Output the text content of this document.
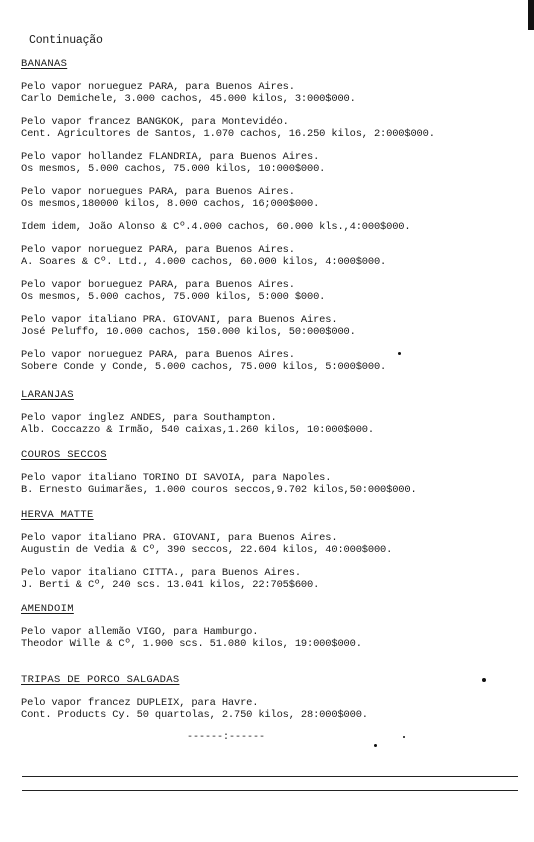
Continuação
BANANAS
Pelo vapor norueguez PARA, para Buenos Aires.
Carlo Demichele, 3.000 cachos, 45.000 kilos, 3:000$000.
Pelo vapor francez BANGKOK, para Montevidéo.
Cent. Agricultores de Santos, 1.070 cachos, 16.250 kilos, 2:000$000.
Pelo vapor hollandez FLANDRIA, para Buenos Aires.
Os mesmos, 5.000 cachos, 75.000 kilos, 10:000$000.
Pelo vapor noruegues PARA, para Buenos Aires.
Os mesmos,180000 kilos, 8.000 cachos, 16;000$000.
Idem idem, João Alonso & Cº.4.000 cachos, 60.000 kls.,4:000$000.
Pelo vapor norueguez PARA, para Buenos Aires.
A. Soares & Cº. Ltd., 4.000 cachos, 60.000 kilos, 4:000$000.
Pelo vapor borueguez PARA, para Buenos Aires.
Os mesmos, 5.000 cachos, 75.000 kilos, 5:000 $000.
Pelo vapor italiano PRA. GIOVANI, para Buenos Aires.
José Peluffo, 10.000 cachos, 150.000 kilos, 50:000$000.
Pelo vapor norueguez PARA, para Buenos Aires.
Sobere Conde y Conde, 5.000 cachos, 75.000 kilos, 5:000$000.
LARANJAS
Pelo vapor inglez ANDES, para Southampton.
Alb. Coccazzo & Irmão, 540 caixas,1.260 kilos, 10:000$000.
COUROS SECCOS
Pelo vapor italiano TORINO DI SAVOIA, para Napoles.
B. Ernesto Guimarães, 1.000 couros seccos,9.702 kilos,50:000$000.
HERVA MATTE
Pelo vapor italiano PRA. GIOVANI, para Buenos Aires.
Augustin de Vedia & Cº, 390 seccos, 22.604 kilos, 40:000$000.
Pelo vapor italiano CITTA., para Buenos Aires.
J. Berti & Cº, 240 scs. 13.041 kilos, 22:705$600.
AMENDOIM
Pelo vapor allemão VIGO, para Hamburgo.
Theodor Wille & Cº, 1.900 scs. 51.080 kilos, 19:000$000.
TRIPAS DE PORCO SALGADAS
Pelo vapor francez DUPLEIX, para Havre.
Cont. Products Cy. 50 quartolas, 2.750 kilos, 28:000$000.
------:------
